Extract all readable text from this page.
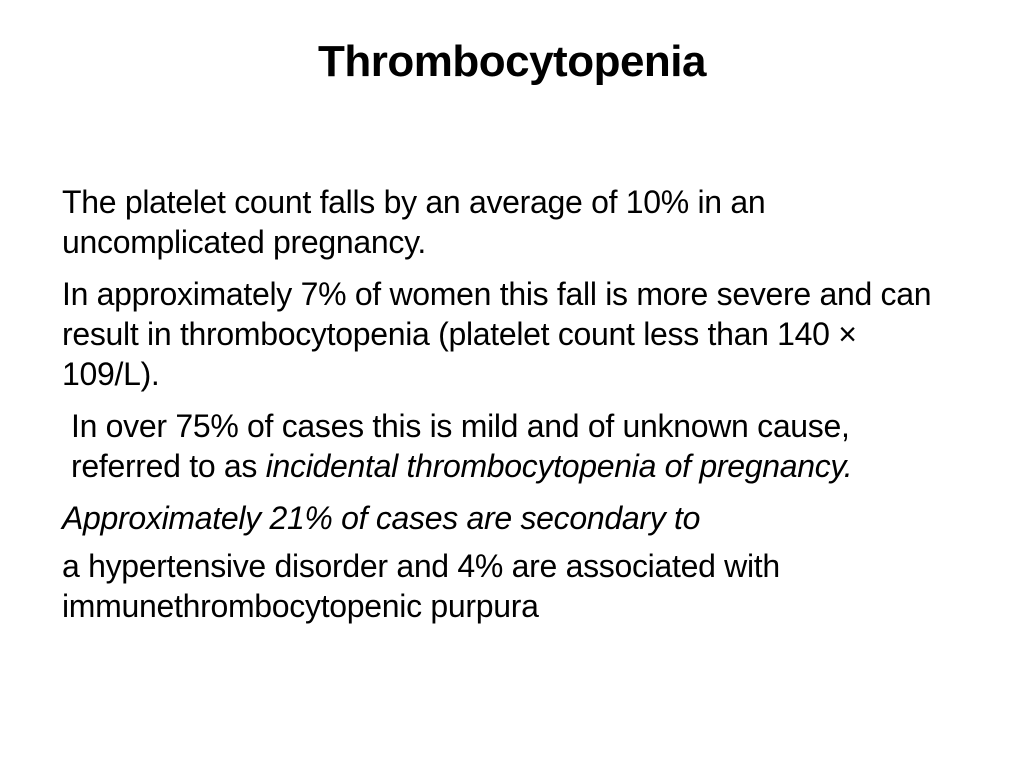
Thrombocytopenia

The platelet count falls by an average of 10% in an uncomplicated pregnancy.

In approximately 7% of women this fall is more severe and can result in thrombocytopenia (platelet count less than 140 × 109/L).

In over 75% of cases this is mild and of unknown cause, referred to as incidental thrombocytopenia of pregnancy.

Approximately 21% of cases are secondary to

a hypertensive disorder and 4% are associated with immunethrombocytopenic purpura
